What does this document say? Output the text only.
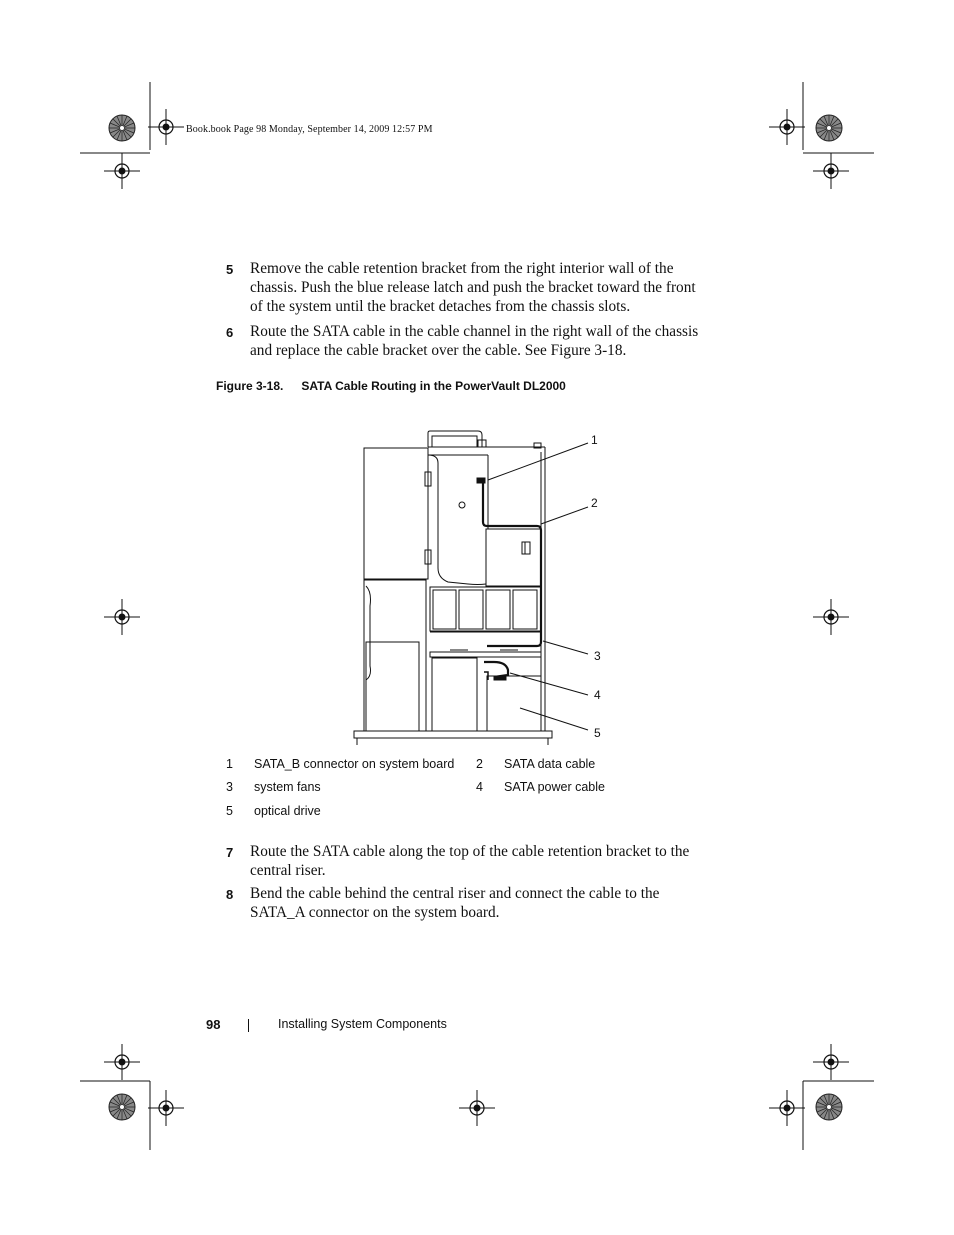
Book.book Page 98 Monday, September 14, 2009 12:57 PM
5 Remove the cable retention bracket from the right interior wall of the
chassis. Push the blue release latch and push the bracket toward the front
of the system until the bracket detaches from the chassis slots.
6 Route the SATA cable in the cable channel in the right wall of the chassis
and replace the cable bracket over the cable. See Figure 3-18.
Figure 3-18. SATA Cable Routing in the PowerVault DL2000
1
2
3
4
5
1 SATA_B connector on system board 2 SATA data cable
3 system fans	4 SATA power cable
5 optical drive
7 Route the SATA cable along the top of the cable retention bracket to the
central riser.
8 Bend the cable behind the central riser and connect the cable to the
SATA_A connector on the system board.
98	Installing System Components
